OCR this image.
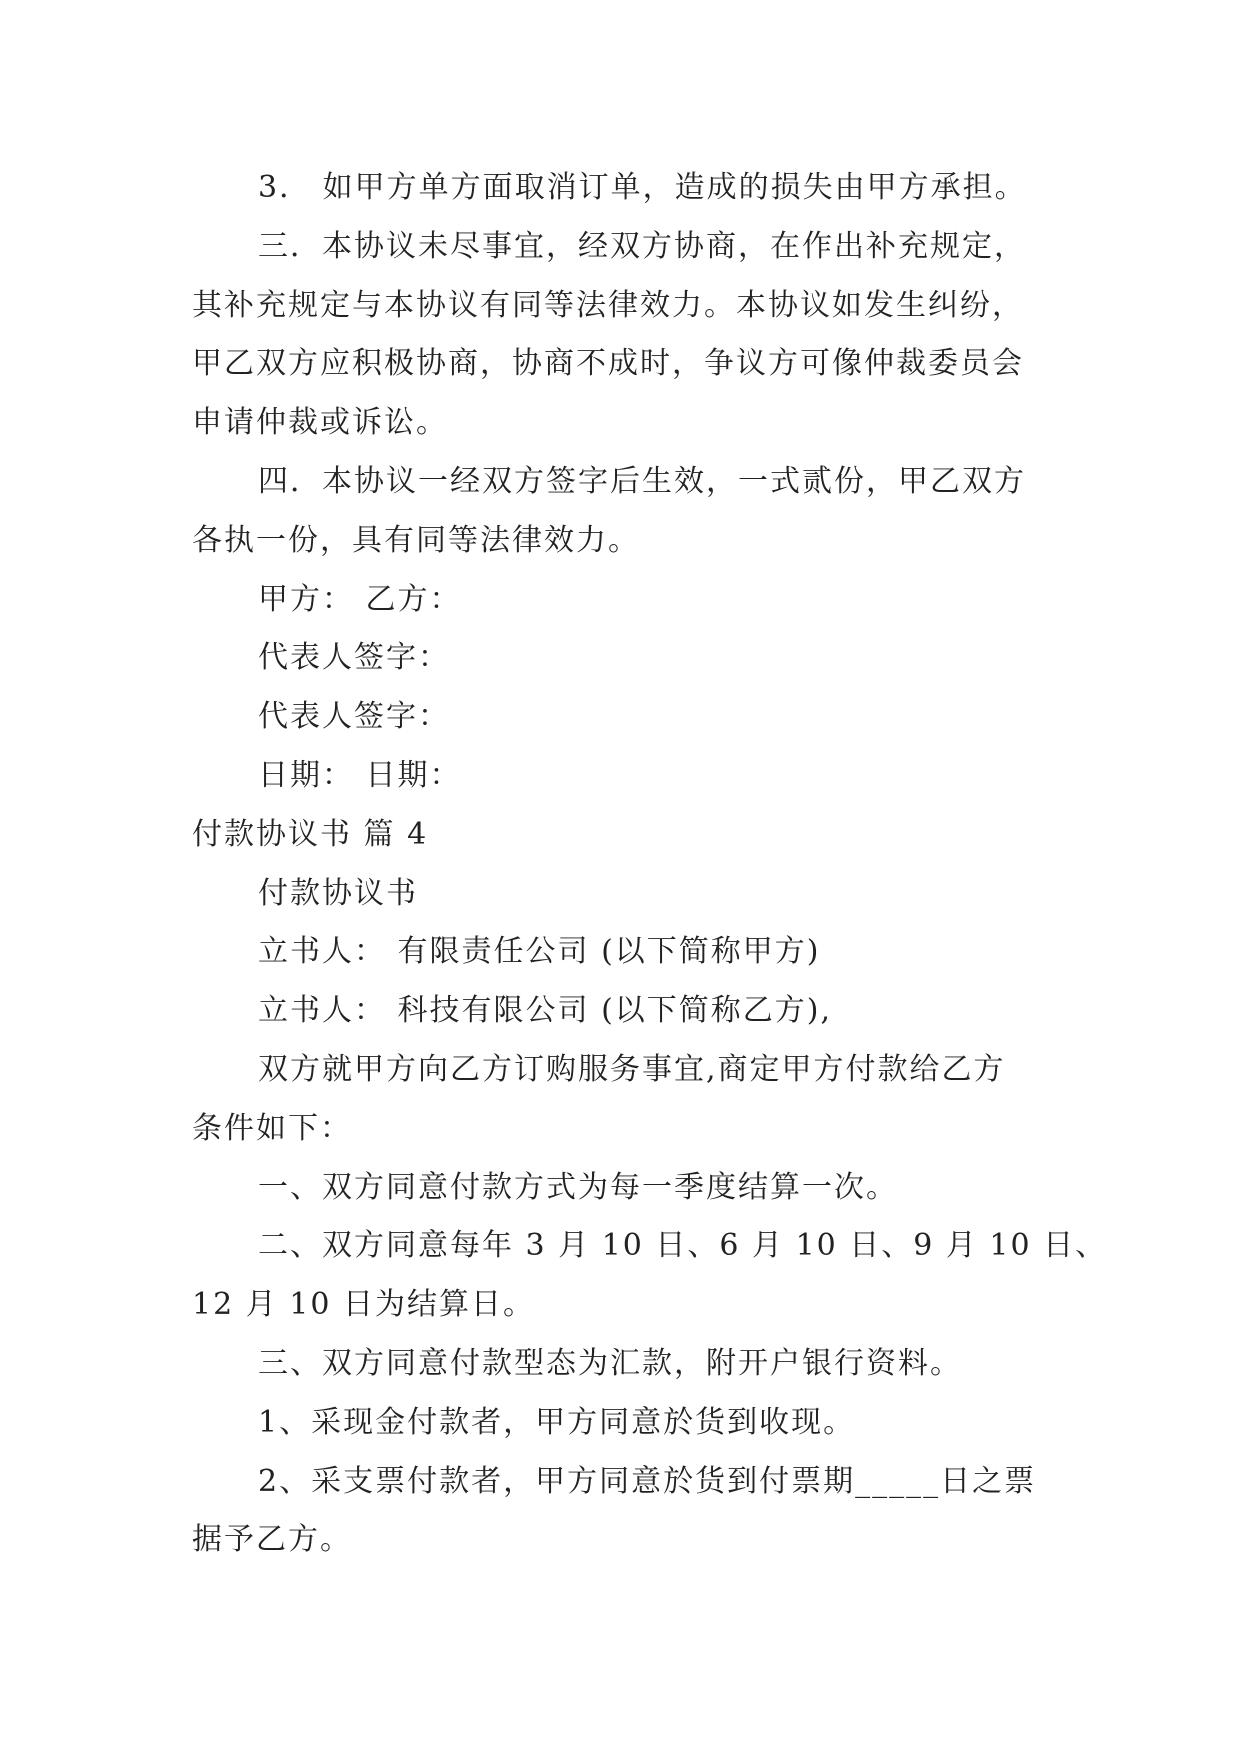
3． 如甲方单方面取消订单，造成的损失由甲方承担。
三．本协议未尽事宜，经双方协商，在作出补充规定，
其补充规定与本协议有同等法律效力。本协议如发生纠纷，
甲乙双方应积极协商，协商不成时，争议方可像仲裁委员会
申请仲裁或诉讼。
四．本协议一经双方签字后生效，一式贰份，甲乙双方
各执一份，具有同等法律效力。
甲方： 乙方：
代表人签字：
代表人签字：
日期： 日期：
付款协议书 篇 4
付款协议书
立书人： 有限责任公司 (以下简称甲方)
立书人： 科技有限公司 (以下简称乙方),
双方就甲方向乙方订购服务事宜,商定甲方付款给乙方
条件如下：
一、双方同意付款方式为每一季度结算一次。
二、双方同意每年 3 月 10 日、6 月 10 日、9 月 10 日、
12 月 10 日为结算日。
三、双方同意付款型态为汇款，附开户银行资料。
1、采现金付款者，甲方同意於货到收现。
2、采支票付款者，甲方同意於货到付票期_____日之票
据予乙方。
